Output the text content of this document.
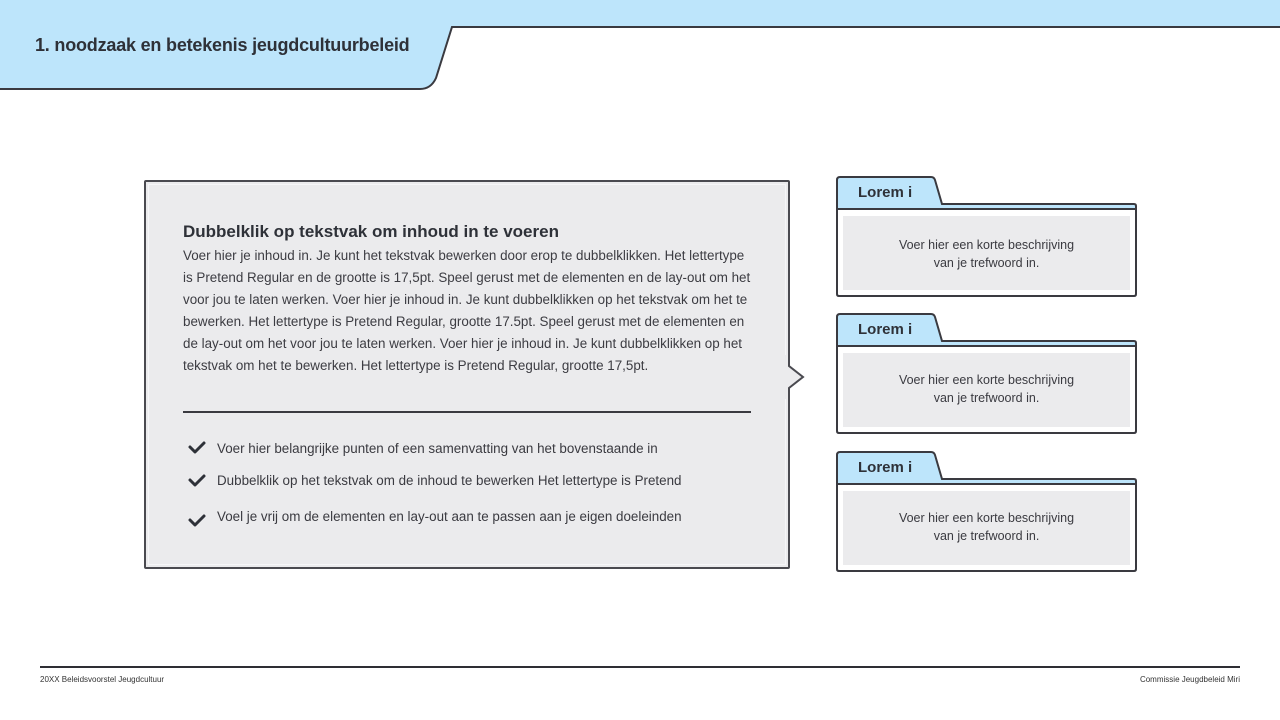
1. noodzaak en betekenis jeugdcultuurbeleid
Dubbelklik op tekstvak om inhoud in te voeren
Voer hier je inhoud in. Je kunt het tekstvak bewerken door erop te dubbelklikken. Het lettertype is Pretend Regular en de grootte is 17,5pt. Speel gerust met de elementen en de lay-out om het voor jou te laten werken. Voer hier je inhoud in. Je kunt dubbelklikken op het tekstvak om het te bewerken. Het lettertype is Pretend Regular, grootte 17.5pt. Speel gerust met de elementen en de lay-out om het voor jou te laten werken. Voer hier je inhoud in. Je kunt dubbelklikken op het tekstvak om het te bewerken. Het lettertype is Pretend Regular, grootte 17,5pt.
Voer hier belangrijke punten of een samenvatting van het bovenstaande in
Dubbelklik op het tekstvak om de inhoud te bewerken Het lettertype is Pretend
Voel je vrij om de elementen en lay-out aan te passen aan je eigen doeleinden
Lorem i
Voer hier een korte beschrijving
van je trefwoord in.
Lorem i
Voer hier een korte beschrijving
van je trefwoord in.
Lorem i
Voer hier een korte beschrijving
van je trefwoord in.
20XX Beleidsvoorstel Jeugdcultuur	Commissie Jeugdbeleid Miri
